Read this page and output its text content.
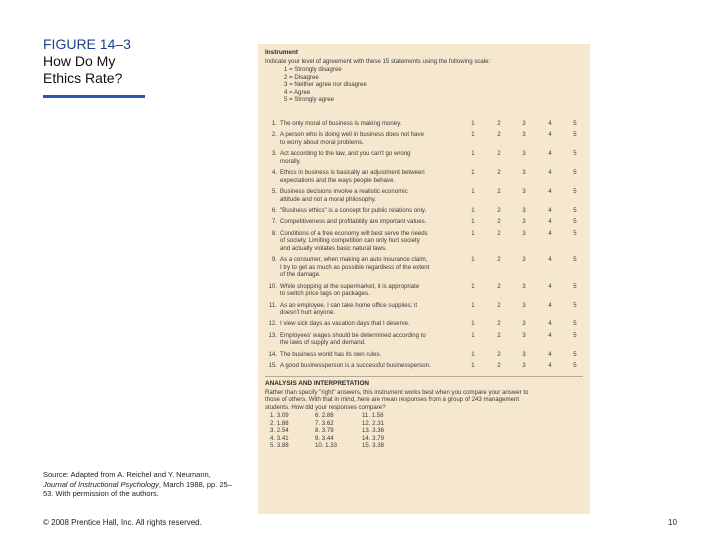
FIGURE 14–3
How Do My
Ethics Rate?
Source: Adapted from A. Reichel and Y. Neumann, Journal of Instructional Psychology, March 1988, pp. 25–53. With permission of the authors.
© 2008 Prentice Hall, Inc. All rights reserved.	10
Instrument
Indicate your level of agreement with these 15 statements using the following scale:
1 = Strongly disagree
2 = Disagree
3 = Neither agree nor disagree
4 = Agree
5 = Strongly agree
1. The only moral of business is making money.	1	2	3	4	5
2. A person who is doing well in business does not have
to worry about moral problems.
1	2	3	4	5
3. Act according to the law, and you can't go wrong
morally.
1	2	3	4	5
4. Ethics in business is basically an adjustment between
expectations and the ways people behave.
1	2	3	4	5
5. Business decisions involve a realistic economic
attitude and not a moral philosophy.
1	2	3	4	5
6. "Business ethics" is a concept for public relations only.	1	2	3	4	5
7. Competitiveness and profitability are important values.	1	2	3	4	5
8. Conditions of a free economy will best serve the needs
of society. Limiting competition can only hurt society
and actually violates basic natural laws.
1	2	3	4	5
9. As a consumer, when making an auto insurance claim,
I try to get as much as possible regardless of the extent
of the damage.
1	2	3	4	5
10. While shopping at the supermarket, it is appropriate
to switch price tags on packages.
1	2	3	4	5
11. As an employee, I can take home office supplies; it
doesn't hurt anyone.
1	2	3	4	5
12. I view sick days as vacation days that I deserve.	1	2	3	4	5
13. Employees' wages should be determined according to
the laws of supply and demand.
1	2	3	4	5
14. The business world has its own rules.	1	2	3	4	5
15. A good businessperson is a successful businessperson.	1	2	3	4	5
ANALYSIS AND INTERPRETATION
Rather than specify "right" answers, this instrument works best when you compare your answer to
those of others. With that in mind, here are mean responses from a group of 243 management
students. How did your responses compare?
1. 3.09	6. 2.88	11. 1.58
2. 1.88	7. 3.62	12. 2.31
3. 2.54	8. 3.79	13. 3.36
4. 3.41	9. 3.44	14. 3.79
5. 3.88	10. 1.33	15. 3.38
